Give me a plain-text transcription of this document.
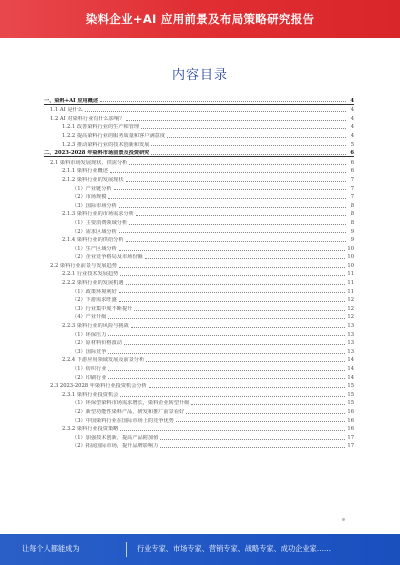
染料企业+AI 应用前景及布局策略研究报告
内容目录
一、染料+AI 应用概述	4
1.1 AI 是什么	4
1.2 AI 对染料行业有什么影响？	4
1.2.1 改善染料行业的生产和管理	4
1.2.2 提高染料行业的服务质量和客户满意度	4
1.2.3 推动染料行业的技术创新和发展	5
二、2023-2028 年染料市场前景及投资研究	6
2.1 染料市场发展现状、供需分析	6
2.1.1 染料行业概述	6
2.1.2 染料行业的发展现状	7
（1）产业链分析	7
（2）市场规模	7
（3）国际市场分析	8
2.1.3 染料行业的市场需求分析	8
（1）主要消费领域分析	8
（2）需求区域分析	9
2.1.4 染料行业的供给分析	9
（1）生产区域分析	10
（2）企业竞争格局及市场份额	10
2.2 染料行业前景与发展趋势	10
2.2.1 行业技术发展趋势	11
2.2.2 染料行业的发展机遇	11
（1）政策环境利好	11
（2）下游需求旺盛	12
（3）行业集中度不断提升	12
（4）产业升级	12
2.2.3 染料行业的风险与挑战	13
（1）环保压力	13
（2）原材料价格波动	13
（3）国际竞争	13
2.2.4 下游应用领域发展及前景分析	14
（1）纺织行业	14
（2）印刷行业	14
2.3 2023-2028 年染料行业投资机会分析	15
2.3.1 染料行业投资机会	15
（1）环保型染料市场需求增长，染料企业转型升级	15
（2）新型功能性染料产品，研发和推广前景看好	16
（3）中国染料行业在国际市场上的竞争优势	16
2.3.2 染料行业投资策略	16
（1）加强技术创新，提高产品附加值	17
（2）拓展国际市场，提升品牌影响力	17
让每个人都能成为	行业专家、市场专家、营销专家、战略专家、成功企业家……
